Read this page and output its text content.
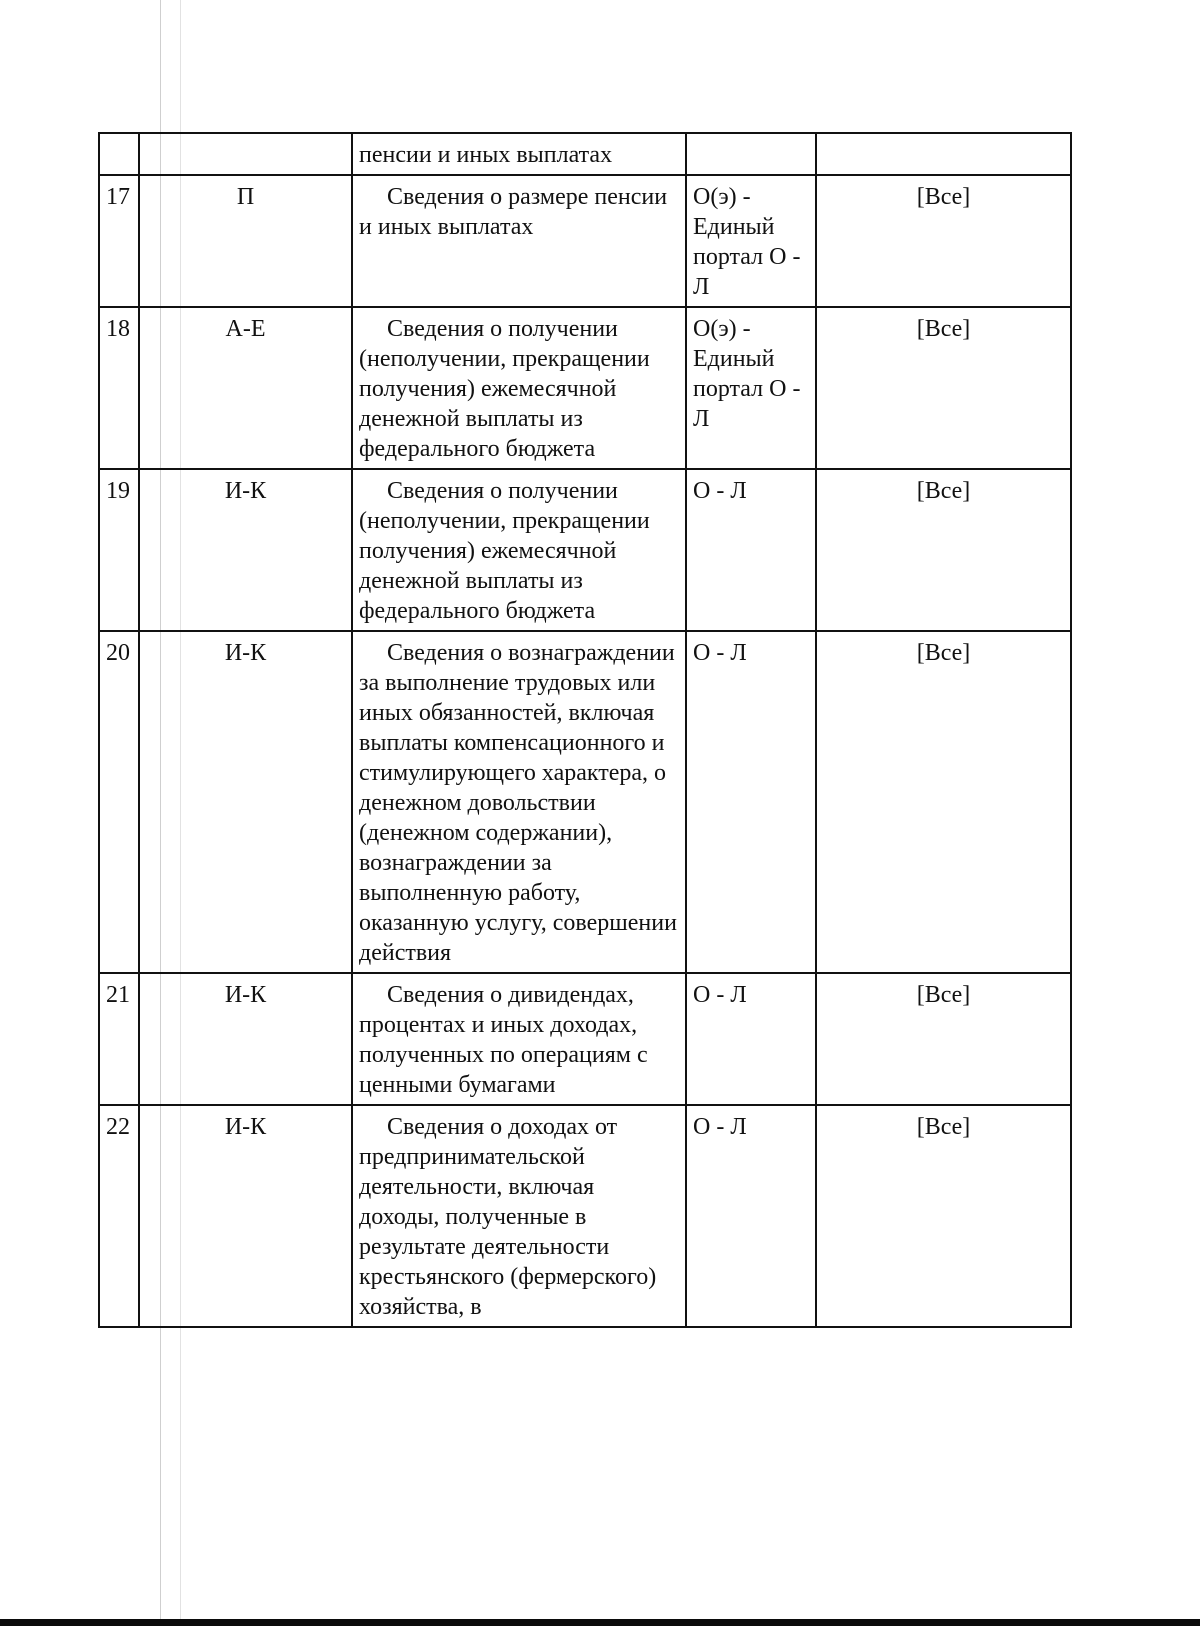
		пенсии и иных выплатах		
17	П	Сведения о размере пенсии и иных выплатах	О(э) - Единый портал О - Л	[Все]
18	А-Е	Сведения о получении (неполучении, прекращении получения) ежемесячной денежной выплаты из федерального бюджета	О(э) - Единый портал О - Л	[Все]
19	И-К	Сведения о получении (неполучении, прекращении получения) ежемесячной денежной выплаты из федерального бюджета	О - Л	[Все]
20	И-К	Сведения о вознаграждении за выполнение трудовых или иных обязанностей, включая выплаты компенсационного и стимулирующего характера, о денежном довольствии (денежном содержании), вознаграждении за выполненную работу, оказанную услугу, совершении действия	О - Л	[Все]
21	И-К	Сведения о дивидендах, процентах и иных доходах, полученных по операциям с ценными бумагами	О - Л	[Все]
22	И-К	Сведения о доходах от предпринимательской деятельности, включая доходы, полученные в результате деятельности крестьянского (фермерского) хозяйства, в	О - Л	[Все]
